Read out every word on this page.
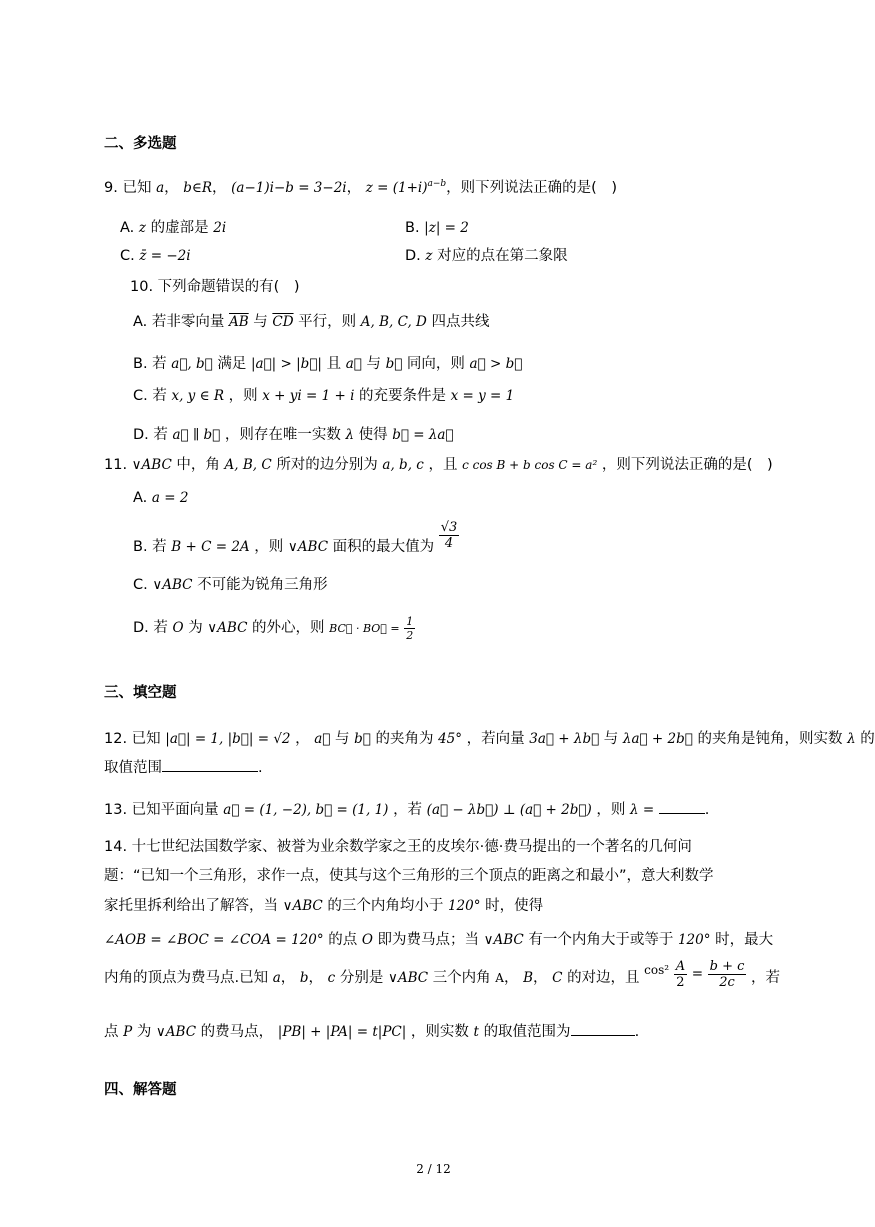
二、多选题
9. 已知 a， b∈R， (a−1)i−b = 3−2i， $z = (1+i)^{a-b}$，则下列说法正确的是(　)
A. z 的虚部是 2i	B. |z| = 2
C. z̄ = −2i	D. z 对应的点在第二象限
10. 下列命题错误的有(　)
A. 若非零向量 $\overline{AB}$ 与 $\overline{CD}$ 平行，则 A, B, C, D 四点共线
B. 若 a⃗, b⃗ 满足 |a⃗| > |b⃗| 且 a⃗ 与 b⃗ 同向，则 a⃗ > b⃗
C. 若 x, y ∈ R ，则 x + yi = 1 + i 的充要条件是 x = y = 1
D. 若 a⃗ ∥ b⃗ ，则存在唯一实数 λ 使得 b⃗ = λa⃗
11. ∨ABC 中，角 A, B, C 所对的边分别为 a, b, c ，且 c cos B + b cos C = a² ，则下列说法正确的是(　)
A. a = 2
B. 若 B + C = 2A ，则 ∨ABC 面积的最大值为 $\frac{√3}{4}$
C. ∨ABC 不可能为锐角三角形
D. 若 O 为 ∨ABC 的外心，则 BC⃗ · BO⃗ = $\frac{1}{2}$
三、填空题
12. 已知 |a⃗| = 1, |b⃗| = √2 ， a⃗ 与 b⃗ 的夹角为 45° ，若向量 3a⃗ + λb⃗ 与 λa⃗ + 2b⃗ 的夹角是钝角，则实数 λ 的
取值范围	.
13. 已知平面向量 a⃗ = (1, −2), b⃗ = (1, 1) ，若 (a⃗ − λb⃗) ⊥ (a⃗ + 2b⃗) ，则 λ =	.
14. 十七世纪法国数学家、被誉为业余数学家之王的皮埃尔·德·费马提出的一个著名的几何问
题：“已知一个三角形，求作一点，使其与这个三角形的三个顶点的距离之和最小”，意大利数学
家托里拆利给出了解答，当 ∨ABC 的三个内角均小于 120° 时，使得
∠AOB = ∠BOC = ∠COA = 120° 的点 O 即为费马点；当 ∨ABC 有一个内角大于或等于 120° 时，最大
内角的顶点为费马点.已知 a， b， c 分别是 ∨ABC 三个内角 A， B， C 的对边，且 $^{cos^2} \frac{A}{2} = \frac{b + c}{2c}$ ，若
点 P 为 ∨ABC 的费马点， |PB| + |PA| = t|PC| ，则实数 t 的取值范围为	.
四、解答题
2 / 12
